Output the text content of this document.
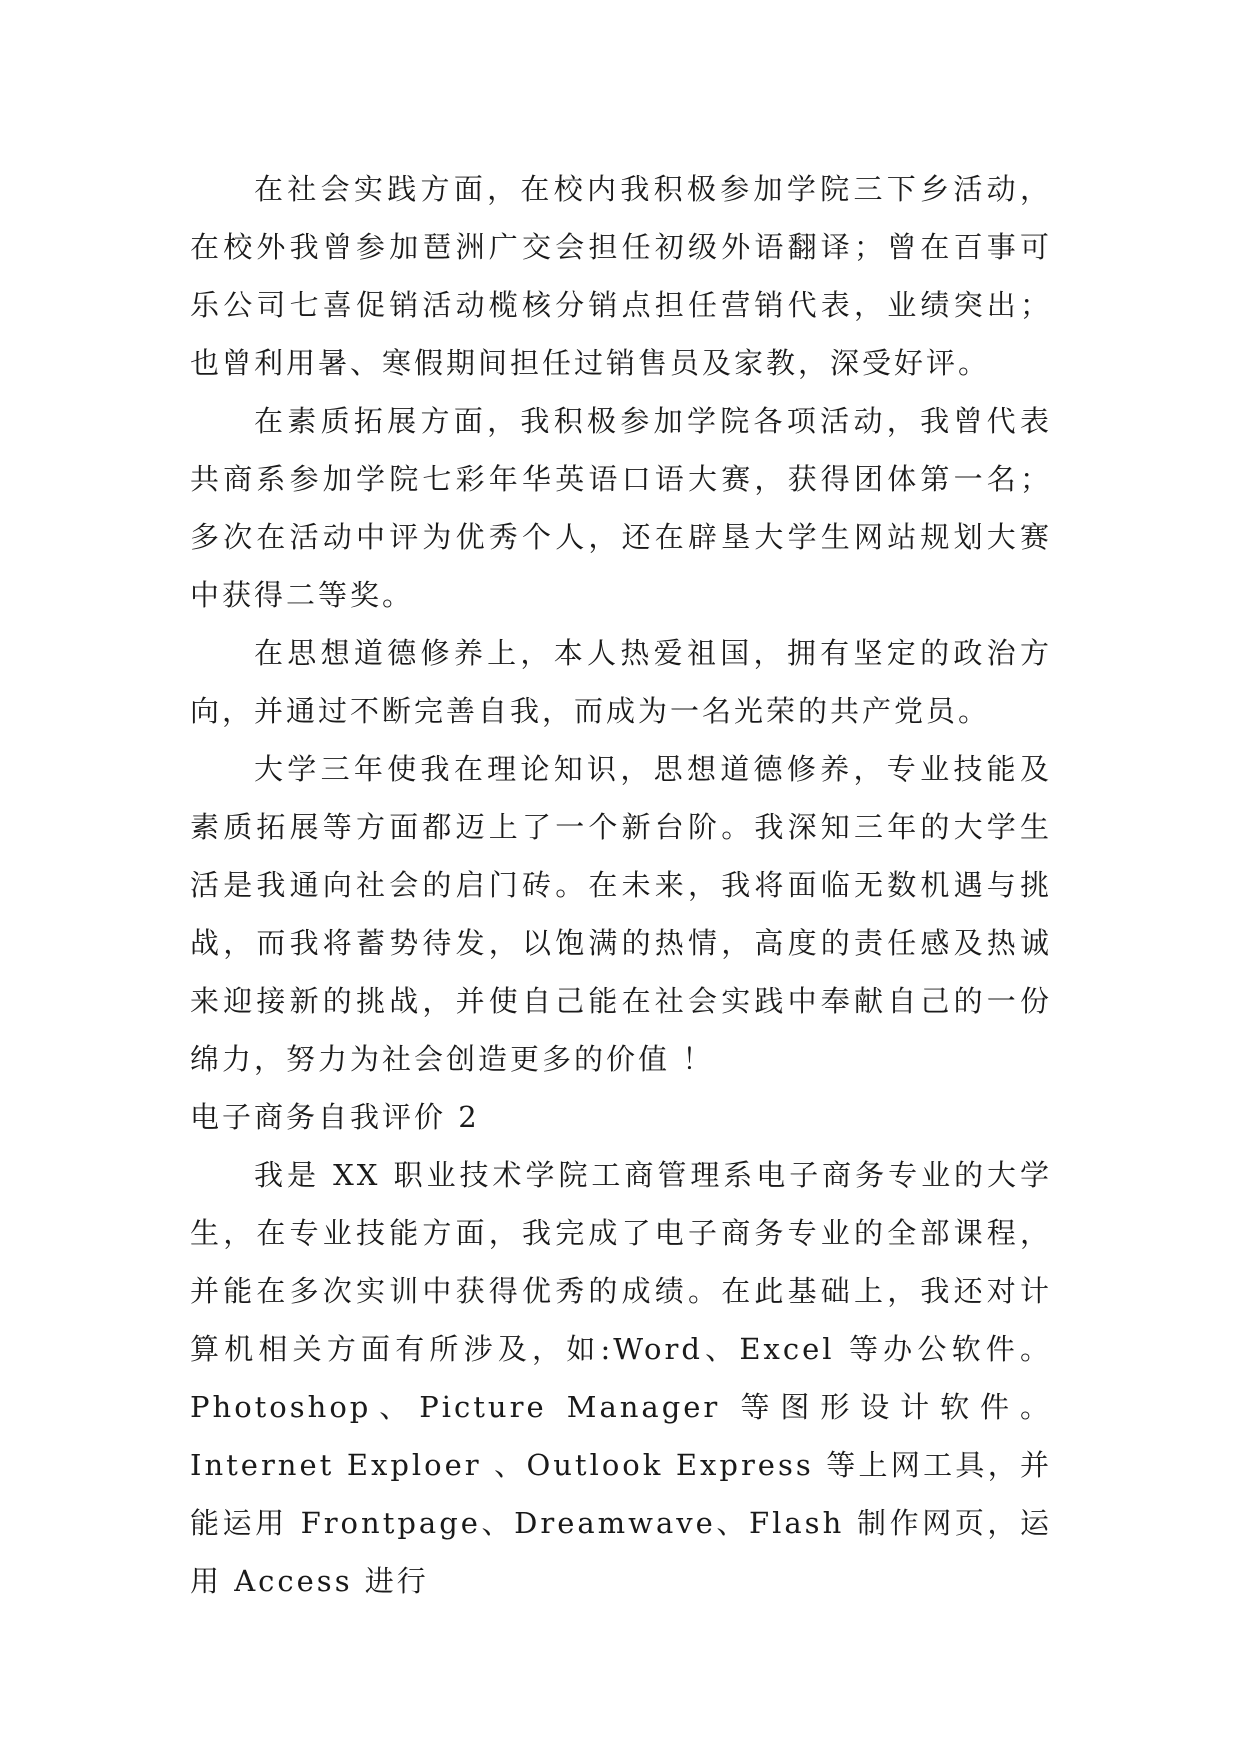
在社会实践方面，在校内我积极参加学院三下乡活动，在校外我曾参加琶洲广交会担任初级外语翻译；曾在百事可乐公司七喜促销活动榄核分销点担任营销代表，业绩突出；也曾利用暑、寒假期间担任过销售员及家教，深受好评。

在素质拓展方面，我积极参加学院各项活动，我曾代表共商系参加学院七彩年华英语口语大赛，获得团体第一名；多次在活动中评为优秀个人，还在辟垦大学生网站规划大赛中获得二等奖。

在思想道德修养上，本人热爱祖国，拥有坚定的政治方向，并通过不断完善自我，而成为一名光荣的共产党员。

大学三年使我在理论知识，思想道德修养，专业技能及素质拓展等方面都迈上了一个新台阶。我深知三年的大学生活是我通向社会的启门砖。在未来，我将面临无数机遇与挑战，而我将蓄势待发，以饱满的热情，高度的责任感及热诚来迎接新的挑战，并使自己能在社会实践中奉献自己的一份绵力，努力为社会创造更多的价值 ！

电子商务自我评价 2

我是 XX 职业技术学院工商管理系电子商务专业的大学生，在专业技能方面，我完成了电子商务专业的全部课程，并能在多次实训中获得优秀的成绩。在此基础上，我还对计算机相关方面有所涉及，如:Word、Excel 等办公软件。Photoshop、Picture Manager 等图形设计软件。Internet Exploer 、Outlook Express 等上网工具，并能运用 Frontpage、Dreamwave、Flash 制作网页，运用 Access 进行
